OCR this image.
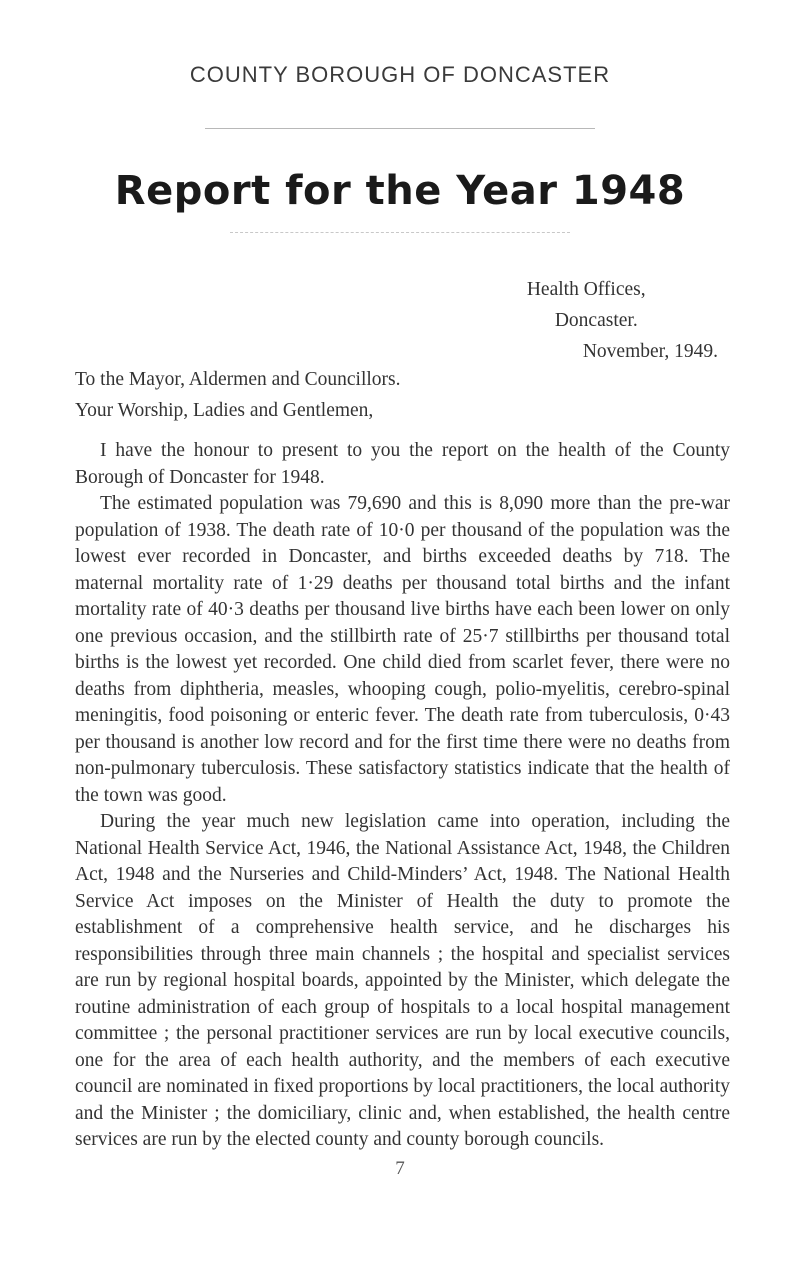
COUNTY BOROUGH OF DONCASTER
Report for the Year 1948
Health Offices,
Doncaster.
November, 1949.
To the Mayor, Aldermen and Councillors.
Your Worship, Ladies and Gentlemen,

I have the honour to present to you the report on the health of the County Borough of Doncaster for 1948.

The estimated population was 79,690 and this is 8,090 more than the pre-war population of 1938. The death rate of 10·0 per thousand of the population was the lowest ever recorded in Doncaster, and births exceeded deaths by 718. The maternal mortality rate of 1·29 deaths per thousand total births and the infant mortality rate of 40·3 deaths per thousand live births have each been lower on only one previous occasion, and the stillbirth rate of 25·7 stillbirths per thousand total births is the lowest yet recorded. One child died from scarlet fever, there were no deaths from diphtheria, measles, whooping cough, polio-myelitis, cerebro-spinal meningitis, food poisoning or enteric fever. The death rate from tuberculosis, 0·43 per thousand is another low record and for the first time there were no deaths from non-pulmonary tuberculosis. These satisfactory statistics indicate that the health of the town was good.

During the year much new legislation came into operation, including the National Health Service Act, 1946, the National Assistance Act, 1948, the Children Act, 1948 and the Nurseries and Child-Minders’ Act, 1948. The National Health Service Act imposes on the Minister of Health the duty to promote the establishment of a comprehensive health service, and he discharges his responsibilities through three main channels ; the hospital and specialist services are run by regional hospital boards, appointed by the Minister, which delegate the routine administration of each group of hospitals to a local hospital management committee ; the personal practitioner services are run by local executive councils, one for the area of each health authority, and the members of each executive council are nominated in fixed proportions by local practitioners, the local authority and the Minister ; the domiciliary, clinic and, when established, the health centre services are run by the elected county and county borough councils.

7
